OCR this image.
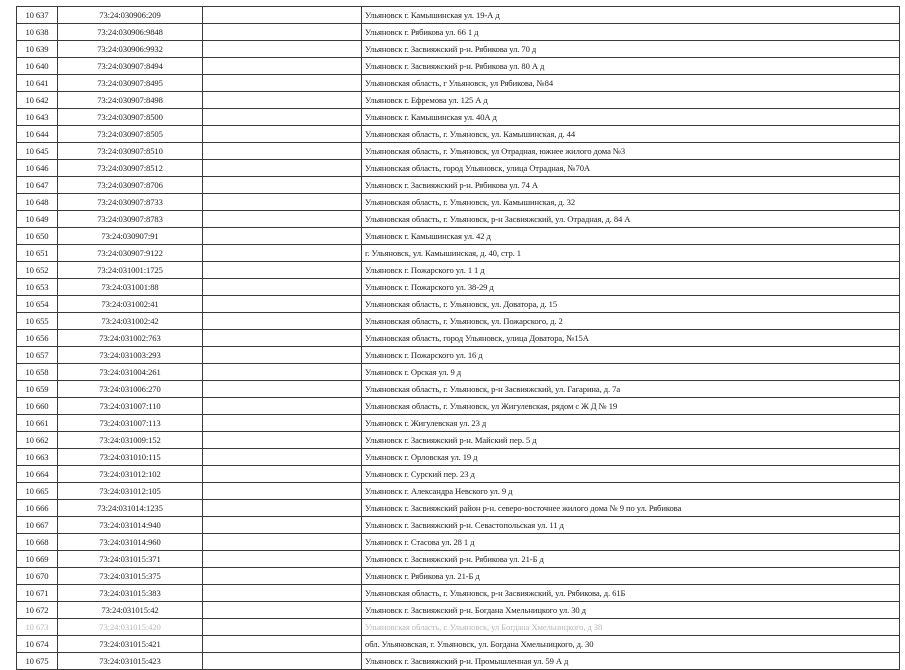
10 637	73:24:030906:209		Ульяновск г. Камышинская ул. 19-А д
10 638	73:24:030906:9848		Ульяновск г. Рябикова ул. 66 1 д
10 639	73:24:030906:9932		Ульяновск г. Засвияжский р-н. Рябикова ул. 70 д
10 640	73:24:030907:8494		Ульяновск г. Засвияжский р-н. Рябикова ул. 80 А д
10 641	73:24:030907:8495		Ульяновская область, г Ульяновск, ул Рябикова, №84
10 642	73:24:030907:8498		Ульяновск г. Ефремова ул. 125 А д
10 643	73:24:030907:8500		Ульяновск г. Камышинская ул. 40А д
10 644	73:24:030907:8505		Ульяновская область, г. Ульяновск, ул. Камышинская, д. 44
10 645	73:24:030907:8510		Ульяновская область, г. Ульяновск, ул Отрадная, южнее жилого дома №3
10 646	73:24:030907:8512		Ульяновская область, город Ульяновск, улица Отрадная, №70А
10 647	73:24:030907:8706		Ульяновск г. Засвияжский р-н. Рябикова ул. 74 А
10 648	73:24:030907:8733		Ульяновская область, г. Ульяновск, ул. Камышинская, д. 32
10 649	73:24:030907:8783		Ульяновская область, г. Ульяновск, р-н Засвияжский, ул. Отрадная, д. 84 А
10 650	73:24:030907:91		Ульяновск г. Камышинская ул. 42 д
10 651	73:24:030907:9122		г. Ульяновск, ул. Камышинская, д. 40, стр. 1
10 652	73:24:031001:1725		Ульяновск г. Пожарского ул. 1 1 д
10 653	73:24:031001:88		Ульяновск г. Пожарского ул. 38-29 д
10 654	73:24:031002:41		Ульяновская область, г. Ульяновск, ул. Доватора, д. 15
10 655	73:24:031002:42		Ульяновская область, г. Ульяновск, ул. Пожарского, д. 2
10 656	73:24:031002:763		Ульяновская область, город Ульяновск, улица Доватора, №15А
10 657	73:24:031003:293		Ульяновск г. Пожарского ул. 16 д
10 658	73:24:031004:261		Ульяновск г. Орская ул. 9 д
10 659	73:24:031006:270		Ульяновская область, г. Ульяновск, р-н Засвияжский, ул. Гагарина, д. 7а
10 660	73:24:031007:110		Ульяновская область, г. Ульяновск, ул Жигулевская, рядом с Ж Д № 19
10 661	73:24:031007:113		Ульяновск г. Жигулевская ул. 23 д
10 662	73:24:031009:152		Ульяновск г. Засвияжский р-н. Майский пер. 5 д
10 663	73:24:031010:115		Ульяновск г. Орловская ул. 19 д
10 664	73:24:031012:102		Ульяновск г. Сурский пер. 23 д
10 665	73:24:031012:105		Ульяновск г. Александра Невского ул. 9 д
10 666	73:24:031014:1235		Ульяновск г. Засвияжский район р-н. северо-восточнее жилого дома № 9 по ул. Рябикова
10 667	73:24:031014:940		Ульяновск г. Засвияжский р-н. Севастопольская ул. 11 д
10 668	73:24:031014:960		Ульяновск г. Стасова ул. 28 1 д
10 669	73:24:031015:371		Ульяновск г. Засвияжский р-н. Рябикова ул. 21-Б д
10 670	73:24:031015:375		Ульяновск г. Рябикова ул. 21-Б д
10 671	73:24:031015:383		Ульяновская область, г. Ульяновск, р-н Засвияжский, ул. Рябикова, д. 61Б
10 672	73:24:031015:42		Ульяновск г. Засвияжский р-н. Богдана Хмельницкого ул. 30 д
10 673	73:24:031015:420		Ульяновская область, г. Ульяновск, ул Богдана Хмельницкого, д 38
10 674	73:24:031015:421		обл. Ульяновская, г. Ульяновск, ул. Богдана Хмельницкого, д. 30
10 675	73:24:031015:423		Ульяновск г. Засвияжский р-н. Промышленная ул. 59 А д
